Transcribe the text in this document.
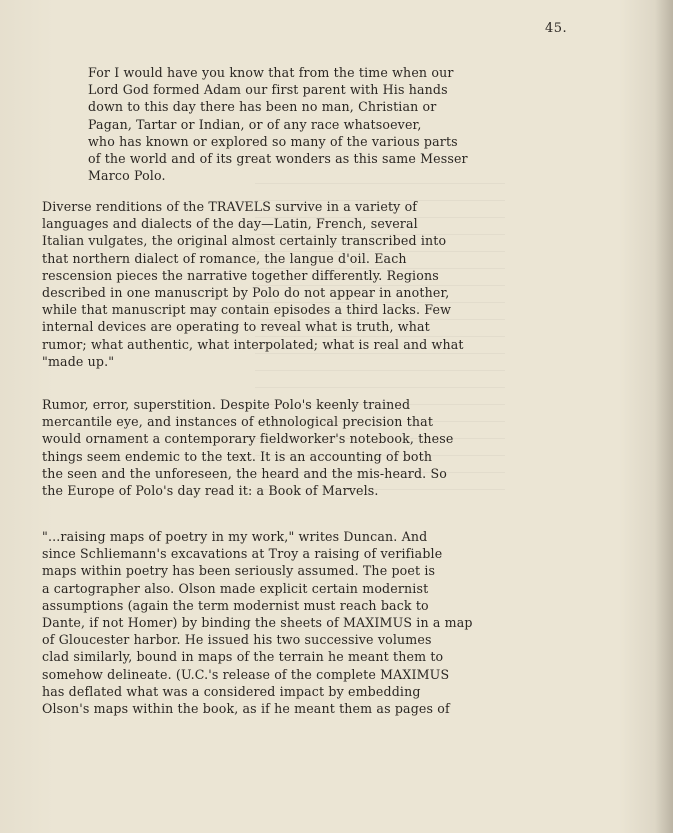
45.
For I would have you know that from the time when our
Lord God formed Adam our first parent with His hands
down to this day there has been no man, Christian or
Pagan, Tartar or Indian, or of any race whatsoever,
who has known or explored so many of the various parts
of the world and of its great wonders as this same Messer
Marco Polo.
Diverse renditions of the TRAVELS survive in a variety of
languages and dialects of the day—Latin, French, several
Italian vulgates, the original almost certainly transcribed into
that northern dialect of romance, the langue d'oil. Each
rescension pieces the narrative together differently. Regions
described in one manuscript by Polo do not appear in another,
while that manuscript may contain episodes a third lacks. Few
internal devices are operating to reveal what is truth, what
rumor; what authentic, what interpolated; what is real and what
"made up."
Rumor, error, superstition. Despite Polo's keenly trained
mercantile eye, and instances of ethnological precision that
would ornament a contemporary fieldworker's notebook, these
things seem endemic to the text. It is an accounting of both
the seen and the unforeseen, the heard and the mis-heard. So
the Europe of Polo's day read it: a Book of Marvels.
"...raising maps of poetry in my work," writes Duncan. And
since Schliemann's excavations at Troy a raising of verifiable
maps within poetry has been seriously assumed. The poet is
a cartographer also. Olson made explicit certain modernist
assumptions (again the term modernist must reach back to
Dante, if not Homer) by binding the sheets of MAXIMUS in a map
of Gloucester harbor. He issued his two successive volumes
clad similarly, bound in maps of the terrain he meant them to
somehow delineate. (U.C.'s release of the complete MAXIMUS
has deflated what was a considered impact by embedding
Olson's maps within the book, as if he meant them as pages of
